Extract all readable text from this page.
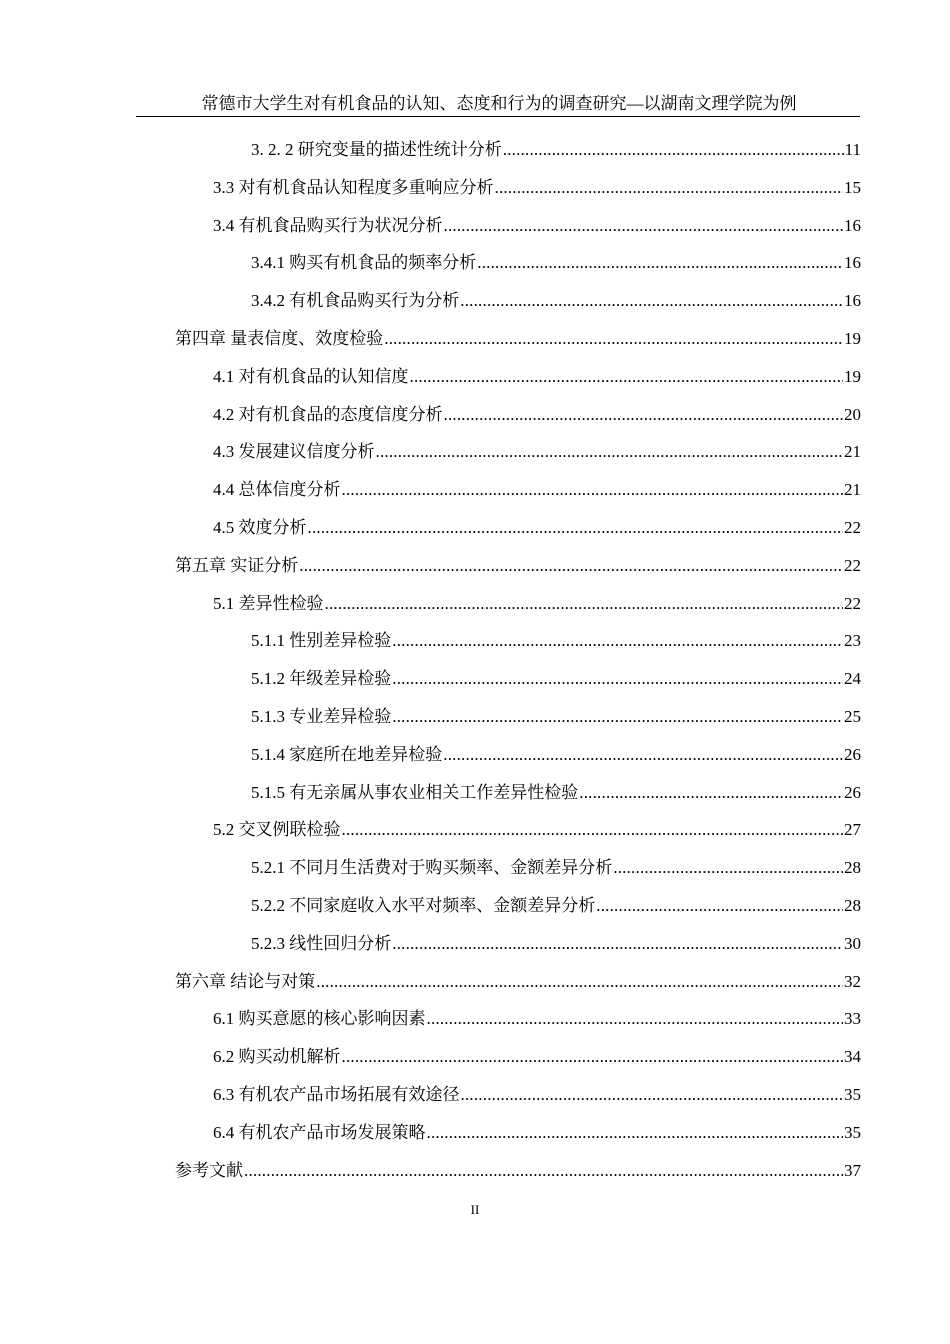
常德市大学生对有机食品的认知、态度和行为的调查研究—以湖南文理学院为例
3. 2. 2 研究变量的描述性统计分析 .....	11
3.3 对有机食品认知程度多重响应分析 .....	15
3.4 有机食品购买行为状况分析 .....	16
3.4.1 购买有机食品的频率分析 .....	16
3.4.2 有机食品购买行为分析 .....	16
第四章 量表信度、效度检验 .....	19
4.1 对有机食品的认知信度 .....	19
4.2 对有机食品的态度信度分析 .....	20
4.3 发展建议信度分析 .....	21
4.4 总体信度分析 .....	21
4.5 效度分析 .....	22
第五章 实证分析 .....	22
5.1 差异性检验 .....	22
5.1.1 性别差异检验 .....	23
5.1.2 年级差异检验 .....	24
5.1.3 专业差异检验 .....	25
5.1.4 家庭所在地差异检验 .....	26
5.1.5 有无亲属从事农业相关工作差异性检验 .....	26
5.2 交叉例联检验 .....	27
5.2.1 不同月生活费对于购买频率、金额差异分析 .....	28
5.2.2 不同家庭收入水平对频率、金额差异分析 .....	28
5.2.3 线性回归分析 .....	30
第六章 结论与对策 .....	32
6.1 购买意愿的核心影响因素 .....	33
6.2 购买动机解析 .....	34
6.3 有机农产品市场拓展有效途径 .....	35
6.4 有机农产品市场发展策略 .....	35
参考文献 .....	37
II
